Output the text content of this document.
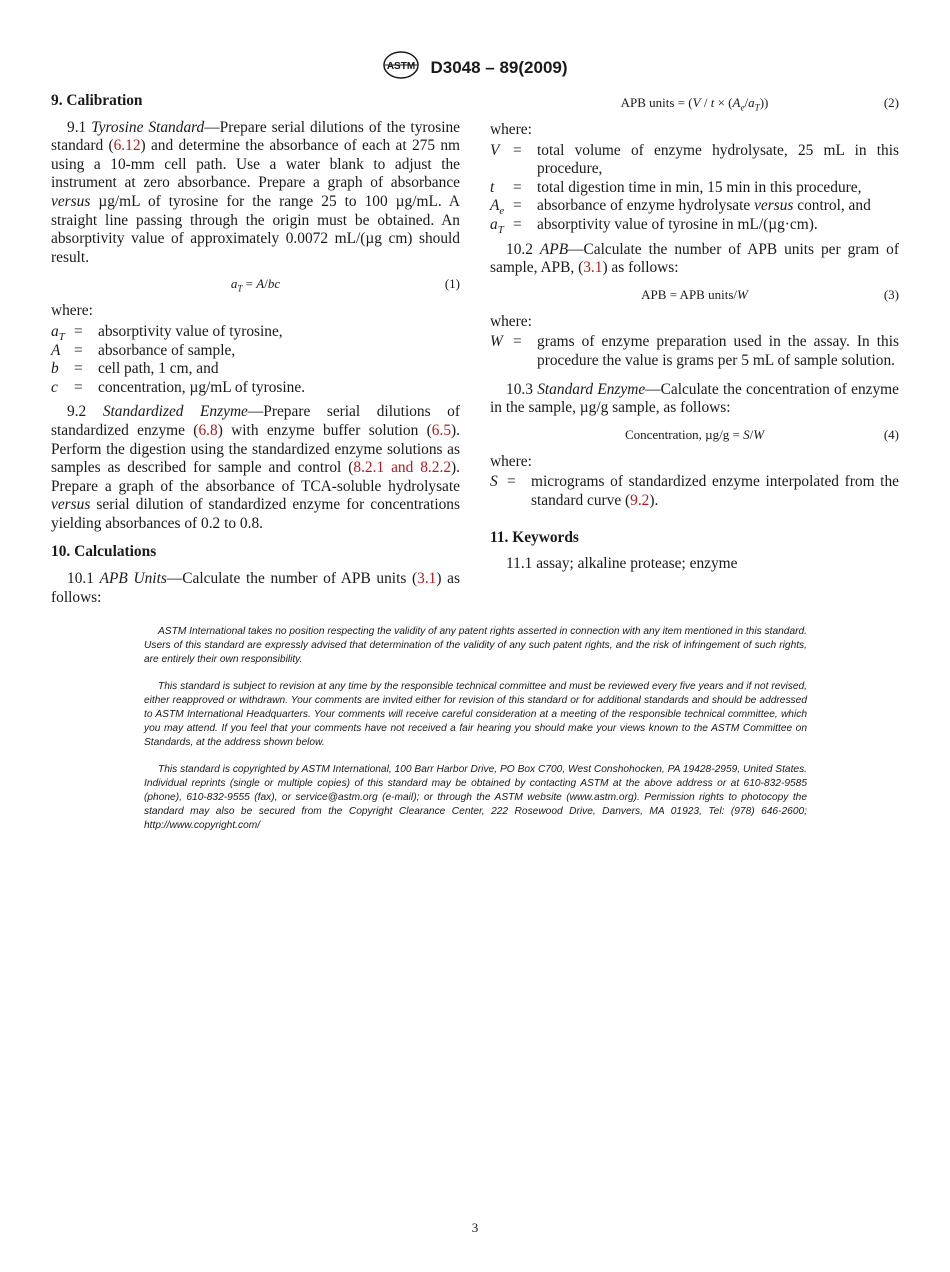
ASTM D3048 – 89(2009)
9. Calibration

9.1 Tyrosine Standard—Prepare serial dilutions of the tyrosine standard (6.12) and determine the absorbance of each at 275 nm using a 10-mm cell path. Use a water blank to adjust the instrument at zero absorbance. Prepare a graph of absorbance versus µg/mL of tyrosine for the range 25 to 100 µg/mL. A straight line passing through the origin must be obtained. An absorptivity value of approximately 0.0072 mL/(µg cm) should result.

$a_T = A/bc$	(1)
where:
$a_T$ = absorptivity value of tyrosine,
A = absorbance of sample,
b = cell path, 1 cm, and
c = concentration, µg/mL of tyrosine.

9.2 Standardized Enzyme—Prepare serial dilutions of standardized enzyme (6.8) with enzyme buffer solution (6.5). Perform the digestion using the standardized enzyme solutions as samples as described for sample and control (8.2.1 and 8.2.2). Prepare a graph of the absorbance of TCA-soluble hydrolysate versus serial dilution of standardized enzyme for concentrations yielding absorbances of 0.2 to 0.8.

10. Calculations

10.1 APB Units—Calculate the number of APB units (3.1) as follows:

APB units = $(V / t \times (A_e/a_T))$	(2)
where:
V = total volume of enzyme hydrolysate, 25 mL in this procedure,
t = total digestion time in min, 15 min in this procedure,
$A_e$ = absorbance of enzyme hydrolysate versus control, and
$a_T$ = absorptivity value of tyrosine in mL/(µg·cm).

10.2 APB—Calculate the number of APB units per gram of sample, APB, (3.1) as follows:

APB = APB units/W	(3)
where:
W = grams of enzyme preparation used in the assay. In this procedure the value is grams per 5 mL of sample solution.

10.3 Standard Enzyme—Calculate the concentration of enzyme in the sample, µg/g sample, as follows:

Concentration, µg/g = S/W	(4)
where:
S = micrograms of standardized enzyme interpolated from the standard curve (9.2).
11. Keywords

11.1 assay; alkaline protease; enzyme

ASTM International takes no position respecting the validity of any patent rights asserted in connection with any item mentioned in this standard. Users of this standard are expressly advised that determination of the validity of any such patent rights, and the risk of infringement of such rights, are entirely their own responsibility.

This standard is subject to revision at any time by the responsible technical committee and must be reviewed every five years and if not revised, either reapproved or withdrawn. Your comments are invited either for revision of this standard or for additional standards and should be addressed to ASTM International Headquarters. Your comments will receive careful consideration at a meeting of the responsible technical committee, which you may attend. If you feel that your comments have not received a fair hearing you should make your views known to the ASTM Committee on Standards, at the address shown below.

This standard is copyrighted by ASTM International, 100 Barr Harbor Drive, PO Box C700, West Conshohocken, PA 19428-2959, United States. Individual reprints (single or multiple copies) of this standard may be obtained by contacting ASTM at the above address or at 610-832-9585 (phone), 610-832-9555 (fax), or service@astm.org (e-mail); or through the ASTM website (www.astm.org). Permission rights to photocopy the standard may also be secured from the Copyright Clearance Center, 222 Rosewood Drive, Danvers, MA 01923, Tel: (978) 646-2600; http://www.copyright.com/

3
